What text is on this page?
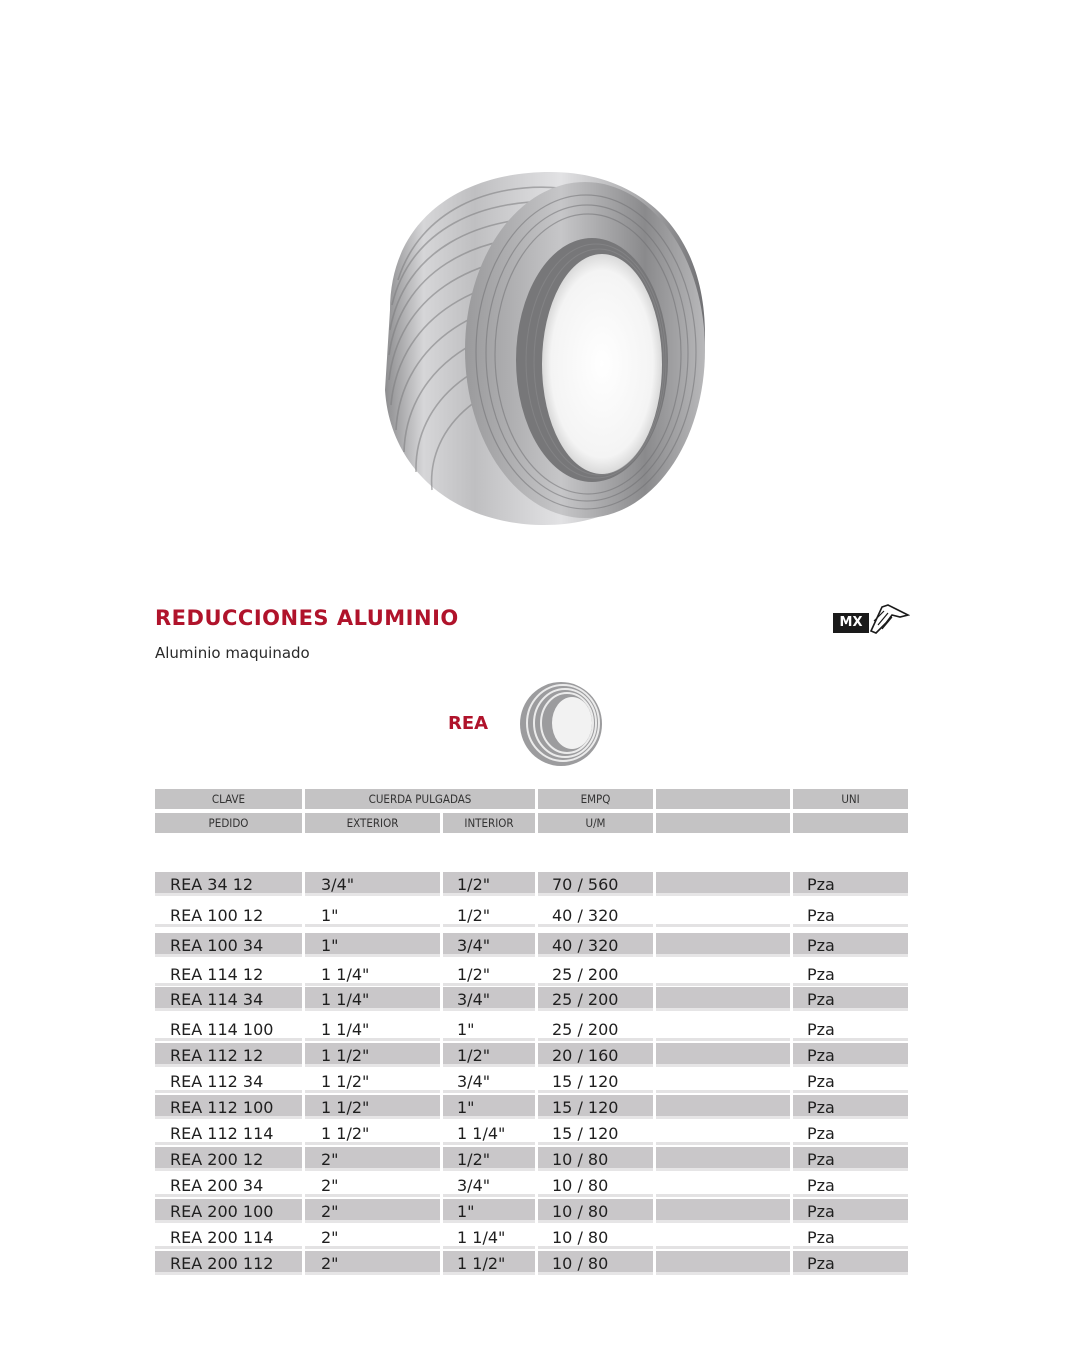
REDUCCIONES ALUMINIO
Aluminio maquinado
MX
REA
CLAVE	CUERDA PULGADAS	EMPQ	UNI
PEDIDO	EXTERIOR	INTERIOR	U/M
REA 34 12	3/4"	1/2"	70 / 560	Pza
REA 100 12	1"	1/2"	40 / 320	Pza
REA 100 34	1"	3/4"	40 / 320	Pza
REA 114 12	1 1/4"	1/2"	25 / 200	Pza
REA 114 34	1 1/4"	3/4"	25 / 200	Pza
REA 114 100	1 1/4"	1"	25 / 200	Pza
REA 112 12	1 1/2"	1/2"	20 / 160	Pza
REA 112 34	1 1/2"	3/4"	15 / 120	Pza
REA 112 100	1 1/2"	1"	15 / 120	Pza
REA 112 114	1 1/2"	1 1/4"	15 / 120	Pza
REA 200 12	2"	1/2"	10 / 80	Pza
REA 200 34	2"	3/4"	10 / 80	Pza
REA 200 100	2"	1"	10 / 80	Pza
REA 200 114	2"	1 1/4"	10 / 80	Pza
REA 200 112	2"	1 1/2"	10 / 80	Pza
